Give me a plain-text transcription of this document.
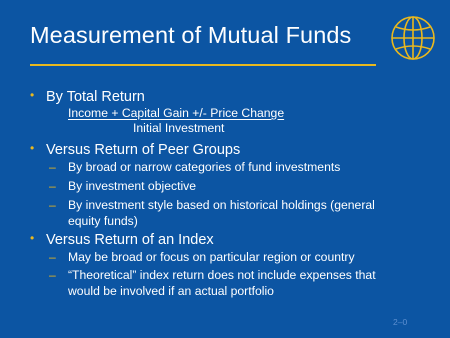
Measurement of Mutual Funds
• By Total Return
Income + Capital Gain +/- Price Change
Initial Investment
• Versus Return of Peer Groups
– By broad or narrow categories of fund investments
– By investment objective
– By investment style based on historical holdings (general equity funds)
• Versus Return of an Index
– May be broad or focus on particular region or country
– “Theoretical” index return does not include expenses that would be involved if an actual portfolio
2–0
